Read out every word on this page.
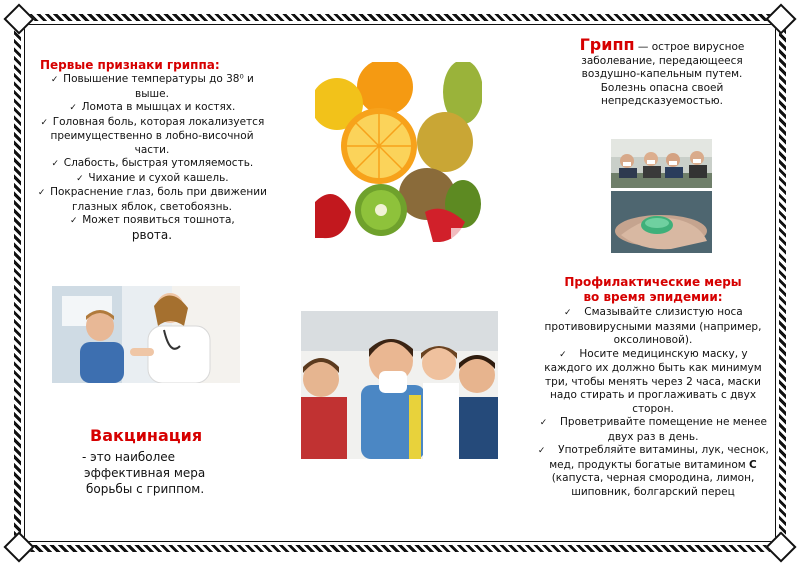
Первые признаки гриппа:
✓ Повышение температуры до 38⁰ и выше.
✓ Ломота в мышцах и костях.
✓ Головная боль, которая локализуется преимущественно в лобно-височной части.
✓ Слабость, быстрая утомляемость.
✓ Чихание и сухой кашель.
✓ Покраснение глаз, боль при движении глазных яблок, светобоязнь.
✓ Может появиться тошнота,
рвота.
Вакцинация
- это наиболее
эффективная мера
борьбы с гриппом.
Грипп — острое вирусное
заболевание, передающееся
воздушно-капельным путем.
Болезнь опасна своей
непредсказуемостью.
Профилактические меры
во время эпидемии:
✓ Смазывайте слизистую носа противовирусными мазями (например, оксолиновой).
✓ Носите медицинскую маску, у каждого их должно быть как минимум три, чтобы менять через 2 часа, маски надо стирать и проглаживать с двух сторон.
✓ Проветривайте помещение не менее двух раз в день.
✓ Употребляйте витамины, лук, чеснок, мед, продукты богатые витамином С (капуста, черная смородина, лимон, шиповник, болгарский перец
